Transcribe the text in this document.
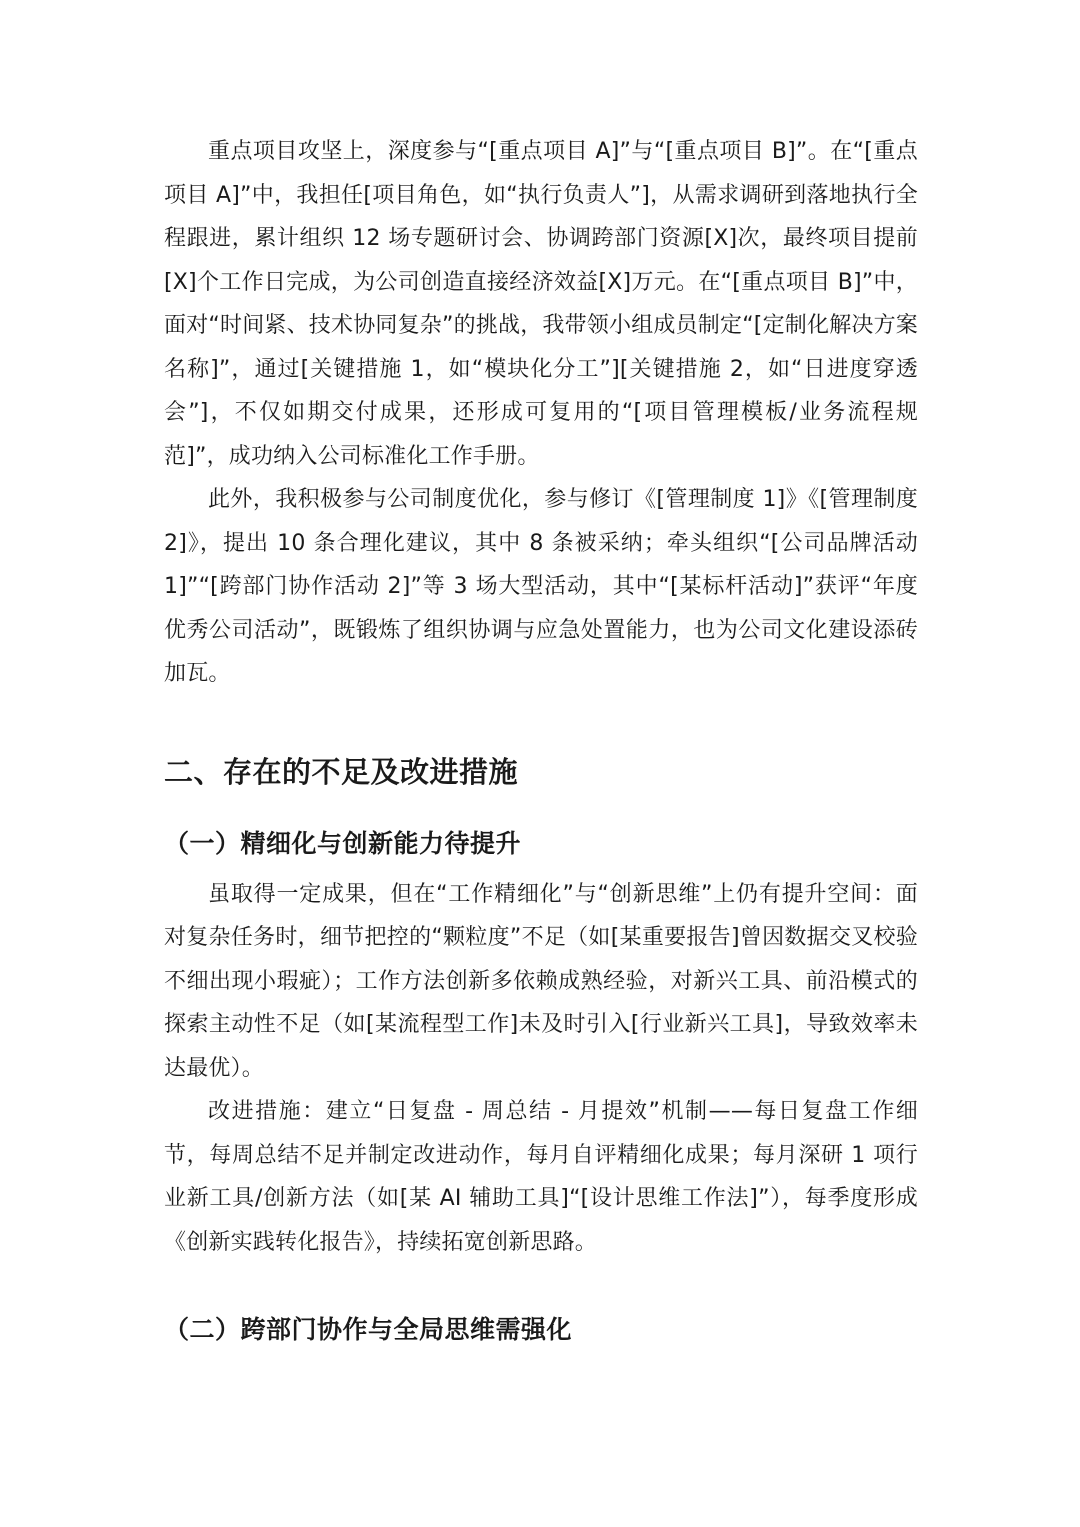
重点项目攻坚上，深度参与“[重点项目 A]”与“[重点项目 B]”。在“[重点项目 A]”中，我担任[项目角色，如“执行负责人”]，从需求调研到落地执行全程跟进，累计组织 12 场专题研讨会、协调跨部门资源[X]次，最终项目提前[X]个工作日完成，为公司创造直接经济效益[X]万元。在“[重点项目 B]”中，面对“时间紧、技术协同复杂”的挑战，我带领小组成员制定“[定制化解决方案名称]”，通过[关键措施 1，如“模块化分工”][关键措施 2，如“日进度穿透会”]，不仅如期交付成果，还形成可复用的“[项目管理模板/业务流程规范]”，成功纳入公司标准化工作手册。

此外，我积极参与公司制度优化，参与修订《[管理制度 1]》《[管理制度 2]》，提出 10 条合理化建议，其中 8 条被采纳；牵头组织“[公司品牌活动 1]”“[跨部门协作活动 2]”等 3 场大型活动，其中“[某标杆活动]”获评“年度优秀公司活动”，既锻炼了组织协调与应急处置能力，也为公司文化建设添砖加瓦。

二、存在的不足及改进措施
（一）精细化与创新能力待提升

虽取得一定成果，但在“工作精细化”与“创新思维”上仍有提升空间：面对复杂任务时，细节把控的“颗粒度”不足（如[某重要报告]曾因数据交叉校验不细出现小瑕疵）；工作方法创新多依赖成熟经验，对新兴工具、前沿模式的探索主动性不足（如[某流程型工作]未及时引入[行业新兴工具]，导致效率未达最优）。

改进措施：建立“日复盘 - 周总结 - 月提效”机制——每日复盘工作细节，每周总结不足并制定改进动作，每月自评精细化成果；每月深研 1 项行业新工具/创新方法（如[某 AI 辅助工具]“[设计思维工作法]”），每季度形成《创新实践转化报告》，持续拓宽创新思路。

（二）跨部门协作与全局思维需强化
